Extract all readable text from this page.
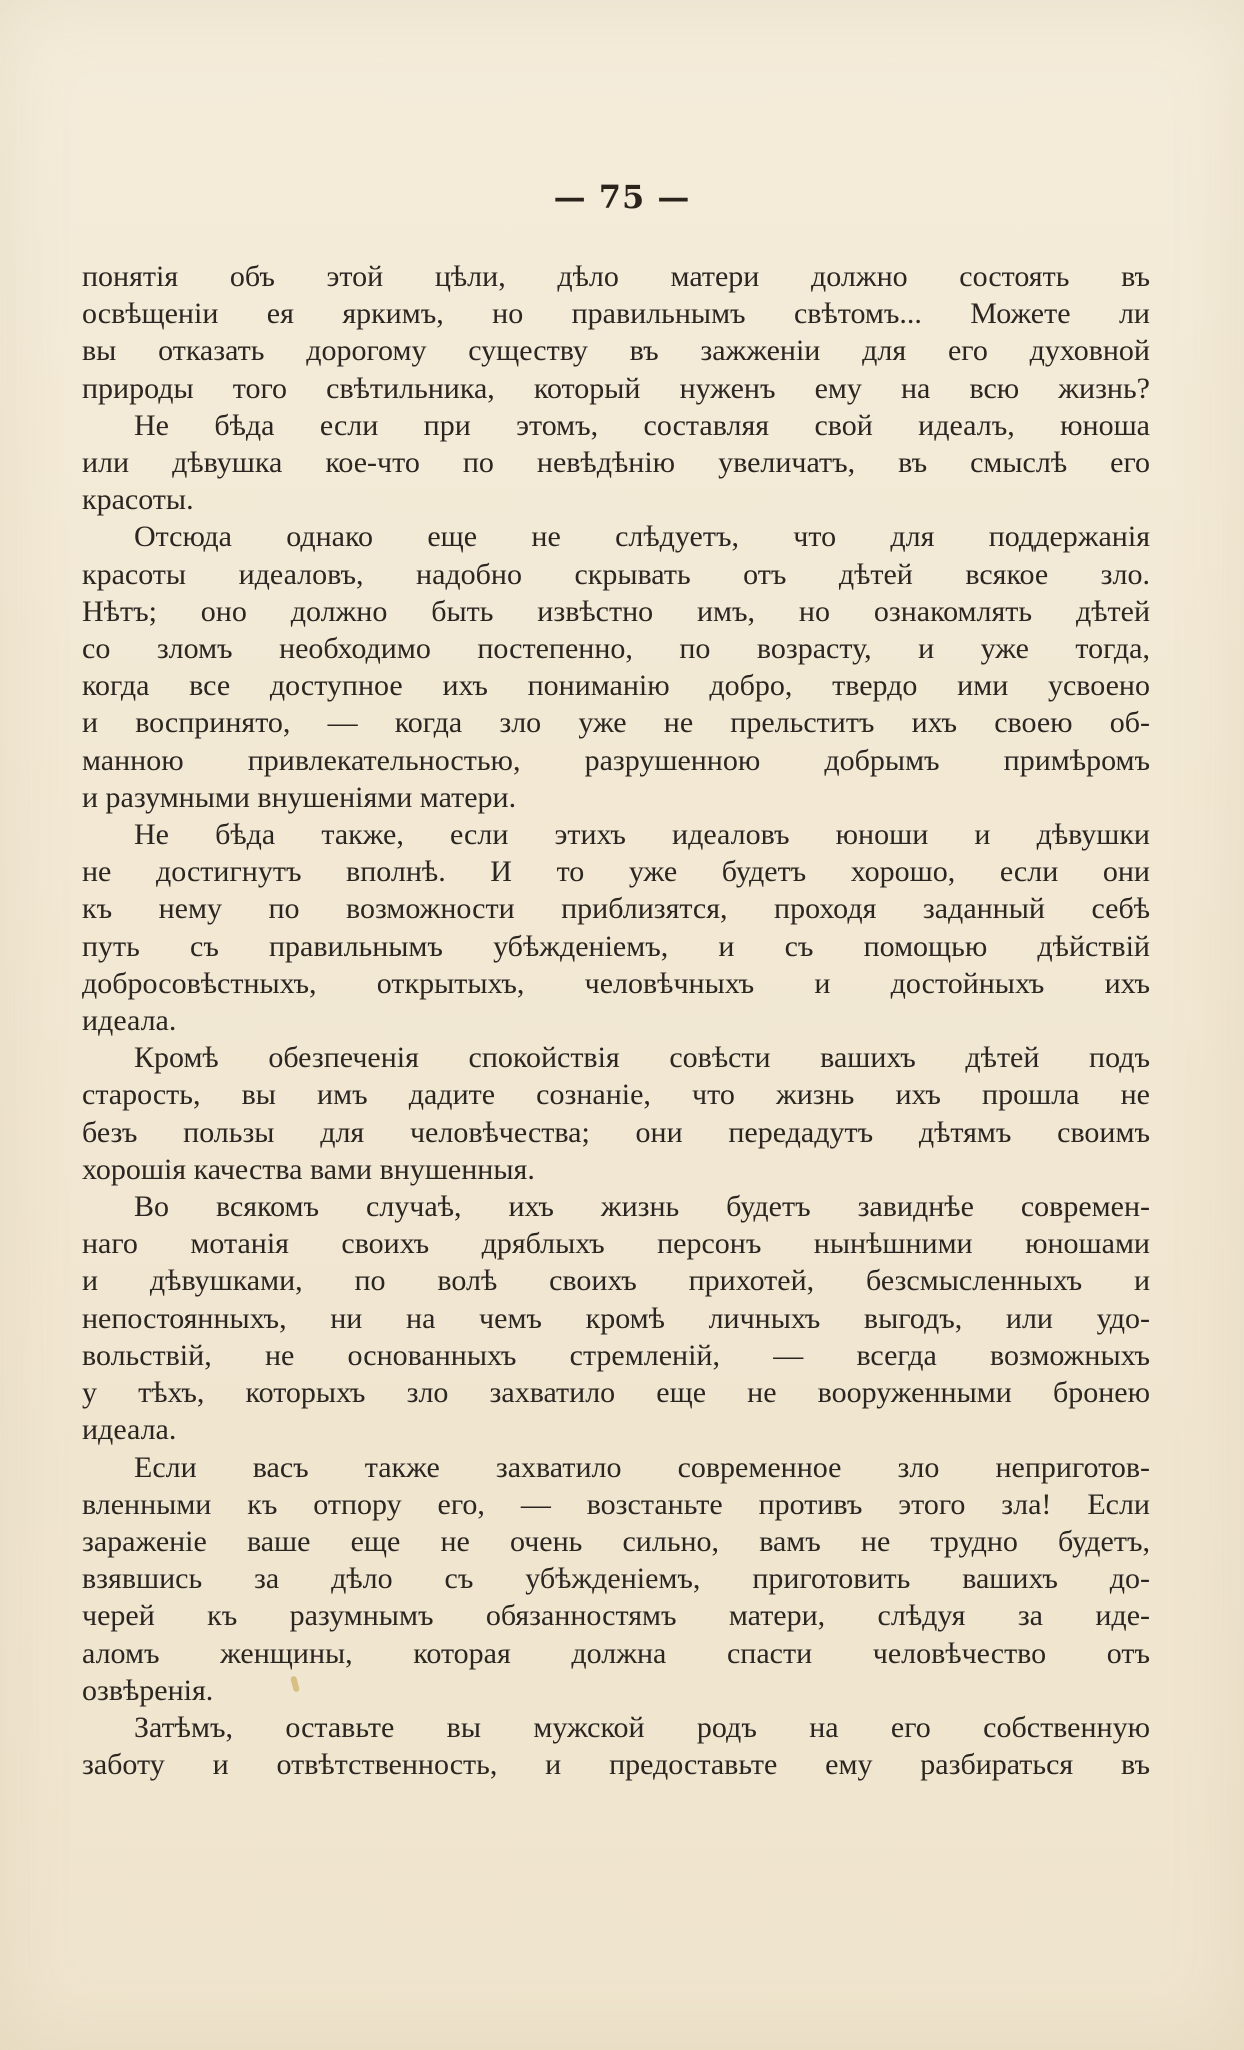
— 75 —
понятія объ этой цѣли, дѣло матери должно состоять въ
освѣщеніи ея яркимъ, но правильнымъ свѣтомъ... Можете ли
вы отказать дорогому существу въ зажженіи для его духовной
природы того свѣтильника, который нуженъ ему на всю жизнь?
Не бѣда если при этомъ, составляя свой идеалъ, юноша
или дѣвушка кое-что по невѣдѣнію увеличатъ, въ смыслѣ его
красоты.
Отсюда однако еще не слѣдуетъ, что для поддержанія
красоты идеаловъ, надобно скрывать отъ дѣтей всякое зло.
Нѣтъ; оно должно быть извѣстно имъ, но ознакомлять дѣтей
со зломъ необходимо постепенно, по возрасту, и уже тогда,
когда все доступное ихъ пониманію добро, твердо ими усвоено
и воспринято, — когда зло уже не прельститъ ихъ своею об-
манною привлекательностью, разрушенною добрымъ примѣромъ
и разумными внушеніями матери.
Не бѣда также, если этихъ идеаловъ юноши и дѣвушки
не достигнутъ вполнѣ. И то уже будетъ хорошо, если они
къ нему по возможности приблизятся, проходя заданный себѣ
путь съ правильнымъ убѣжденіемъ, и съ помощью дѣйствій
добросовѣстныхъ, открытыхъ, человѣчныхъ и достойныхъ ихъ
идеала.
Кромѣ обезпеченія спокойствія совѣсти вашихъ дѣтей подъ
старость, вы имъ дадите сознаніе, что жизнь ихъ прошла не
безъ пользы для человѣчества; они передадутъ дѣтямъ своимъ
хорошія качества вами внушенныя.
Во всякомъ случаѣ, ихъ жизнь будетъ завиднѣе современ-
наго мотанія своихъ дряблыхъ персонъ нынѣшними юношами
и дѣвушками, по волѣ своихъ прихотей, безсмысленныхъ и
непостоянныхъ, ни на чемъ кромѣ личныхъ выгодъ, или удо-
вольствій, не основанныхъ стремленій, — всегда возможныхъ
у тѣхъ, которыхъ зло захватило еще не вооруженными бронею
идеала.
Если васъ также захватило современное зло неприготов-
вленными къ отпору его, — возстаньте противъ этого зла! Если
зараженіе ваше еще не очень сильно, вамъ не трудно будетъ,
взявшись за дѣло съ убѣжденіемъ, приготовить вашихъ до-
черей къ разумнымъ обязанностямъ матери, слѣдуя за иде-
аломъ женщины, которая должна спасти человѣчество отъ
озвѣренія.
Затѣмъ, оставьте вы мужской родъ на его собственную
заботу и отвѣтственность, и предоставьте ему разбираться въ
